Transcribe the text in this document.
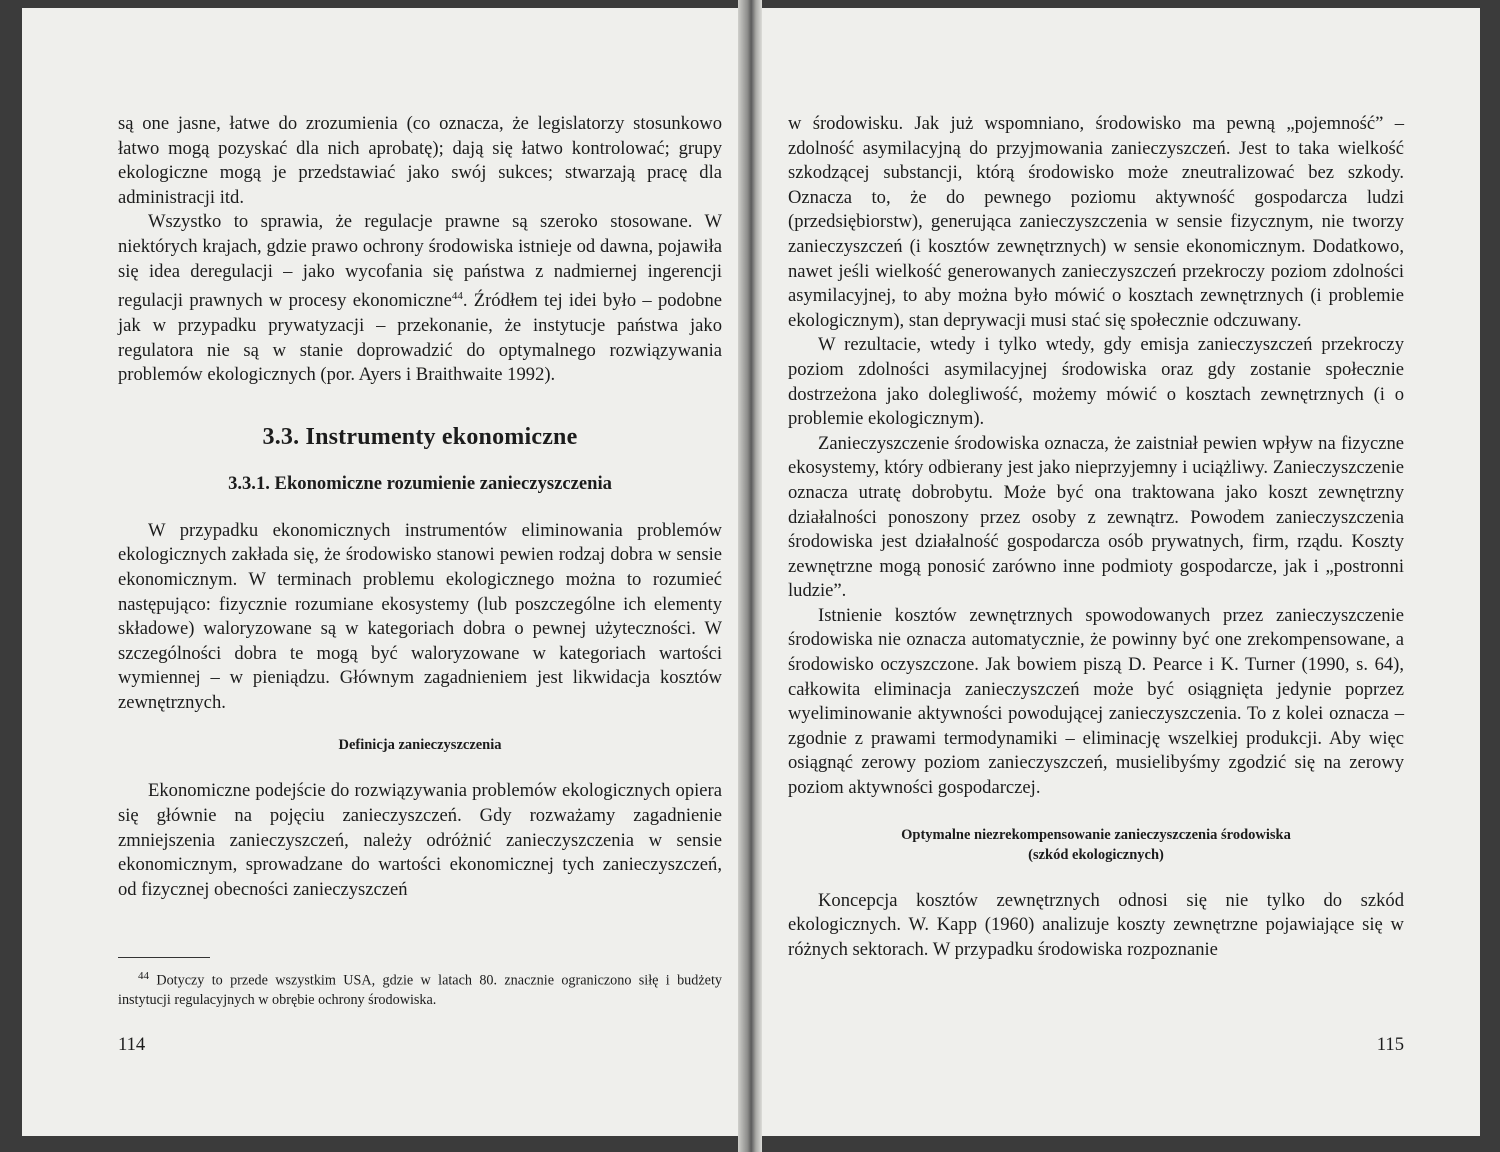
są one jasne, łatwe do zrozumienia (co oznacza, że legislatorzy stosunkowo łatwo mogą pozyskać dla nich aprobatę); dają się łatwo kontrolować; grupy ekologiczne mogą je przedstawiać jako swój sukces; stwarzają pracę dla administracji itd.

Wszystko to sprawia, że regulacje prawne są szeroko stosowane. W niektórych krajach, gdzie prawo ochrony środowiska istnieje od dawna, pojawiła się idea deregulacji – jako wycofania się państwa z nadmiernej ingerencji regulacji prawnych w procesy ekonomiczne$^{44}$. Źródłem tej idei było – podobne jak w przypadku prywatyzacji – przekonanie, że instytucje państwa jako regulatora nie są w stanie doprowadzić do optymalnego rozwiązywania problemów ekologicznych (por. Ayers i Braithwaite 1992).

3.3. Instrumenty ekonomiczne
3.3.1. Ekonomiczne rozumienie zanieczyszczenia

W przypadku ekonomicznych instrumentów eliminowania problemów ekologicznych zakłada się, że środowisko stanowi pewien rodzaj dobra w sensie ekonomicznym. W terminach problemu ekologicznego można to rozumieć następująco: fizycznie rozumiane ekosystemy (lub poszczególne ich elementy składowe) waloryzowane są w kategoriach dobra o pewnej użyteczności. W szczególności dobra te mogą być waloryzowane w kategoriach wartości wymiennej – w pieniądzu. Głównym zagadnieniem jest likwidacja kosztów zewnętrznych.

Definicja zanieczyszczenia

Ekonomiczne podejście do rozwiązywania problemów ekologicznych opiera się głównie na pojęciu zanieczyszczeń. Gdy rozważamy zagadnienie zmniejszenia zanieczyszczeń, należy odróżnić zanieczyszczenia w sensie ekonomicznym, sprowadzane do wartości ekonomicznej tych zanieczyszczeń, od fizycznej obecności zanieczyszczeń

$^{44}$ Dotyczy to przede wszystkim USA, gdzie w latach 80. znacznie ograniczono siłę i budżety instytucji regulacyjnych w obrębie ochrony środowiska.
114

w środowisku. Jak już wspomniano, środowisko ma pewną „pojemność” – zdolność asymilacyjną do przyjmowania zanieczyszczeń. Jest to taka wielkość szkodzącej substancji, którą środowisko może zneutralizować bez szkody. Oznacza to, że do pewnego poziomu aktywność gospodarcza ludzi (przedsiębiorstw), generująca zanieczyszczenia w sensie fizycznym, nie tworzy zanieczyszczeń (i kosztów zewnętrznych) w sensie ekonomicznym. Dodatkowo, nawet jeśli wielkość generowanych zanieczyszczeń przekroczy poziom zdolności asymilacyjnej, to aby można było mówić o kosztach zewnętrznych (i problemie ekologicznym), stan deprywacji musi stać się społecznie odczuwany.

W rezultacie, wtedy i tylko wtedy, gdy emisja zanieczyszczeń przekroczy poziom zdolności asymilacyjnej środowiska oraz gdy zostanie społecznie dostrzeżona jako dolegliwość, możemy mówić o kosztach zewnętrznych (i o problemie ekologicznym).

Zanieczyszczenie środowiska oznacza, że zaistniał pewien wpływ na fizyczne ekosystemy, który odbierany jest jako nieprzyjemny i uciążliwy. Zanieczyszczenie oznacza utratę dobrobytu. Może być ona traktowana jako koszt zewnętrzny działalności ponoszony przez osoby z zewnątrz. Powodem zanieczyszczenia środowiska jest działalność gospodarcza osób prywatnych, firm, rządu. Koszty zewnętrzne mogą ponosić zarówno inne podmioty gospodarcze, jak i „postronni ludzie”.

Istnienie kosztów zewnętrznych spowodowanych przez zanieczyszczenie środowiska nie oznacza automatycznie, że powinny być one zrekompensowane, a środowisko oczyszczone. Jak bowiem piszą D. Pearce i K. Turner (1990, s. 64), całkowita eliminacja zanieczyszczeń może być osiągnięta jedynie poprzez wyeliminowanie aktywności powodującej zanieczyszczenia. To z kolei oznacza – zgodnie z prawami termodynamiki – eliminację wszelkiej produkcji. Aby więc osiągnąć zerowy poziom zanieczyszczeń, musielibyśmy zgodzić się na zerowy poziom aktywności gospodarczej.

Optymalne niezrekompensowanie zanieczyszczenia środowiska
(szkód ekologicznych)

Koncepcja kosztów zewnętrznych odnosi się nie tylko do szkód ekologicznych. W. Kapp (1960) analizuje koszty zewnętrzne pojawiające się w różnych sektorach. W przypadku środowiska rozpoznanie

115
